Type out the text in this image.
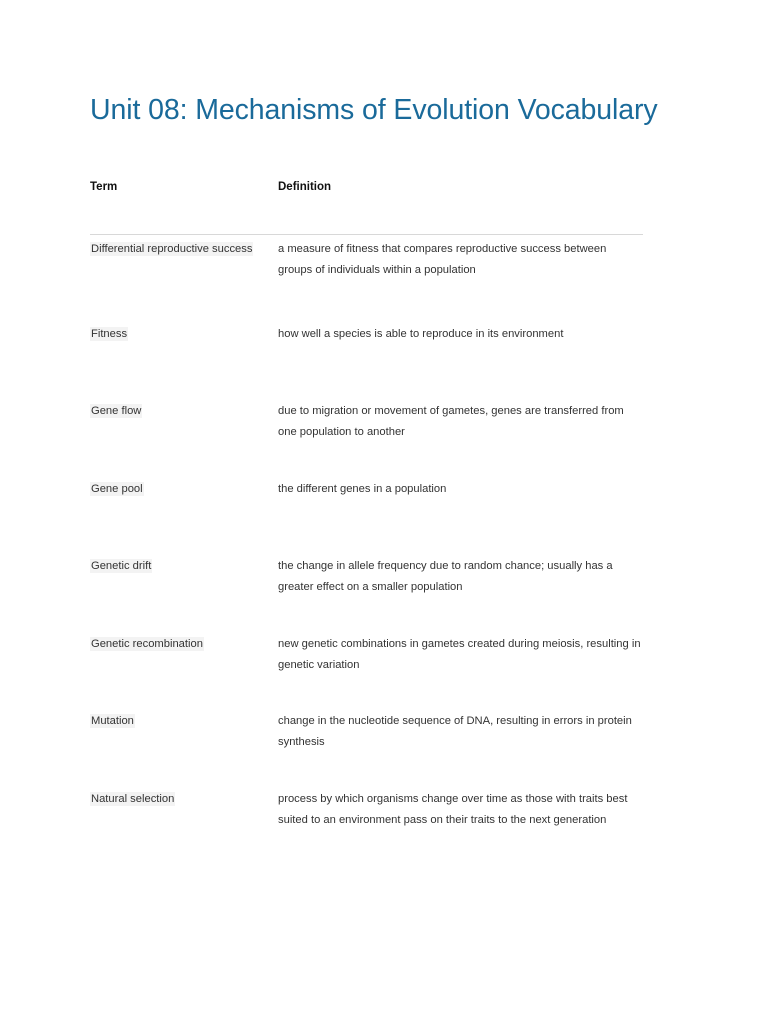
Unit 08: Mechanisms of Evolution Vocabulary
Term	Definition
Differential reproductive success	a measure of fitness that compares reproductive success between groups of individuals within a population
Fitness	how well a species is able to reproduce in its environment
Gene flow	due to migration or movement of gametes, genes are transferred from one population to another
Gene pool	the different genes in a population
Genetic drift	the change in allele frequency due to random chance; usually has a greater effect on a smaller population
Genetic recombination	new genetic combinations in gametes created during meiosis, resulting in genetic variation
Mutation	change in the nucleotide sequence of DNA, resulting in errors in protein synthesis
Natural selection	process by which organisms change over time as those with traits best suited to an environment pass on their traits to the next generation
